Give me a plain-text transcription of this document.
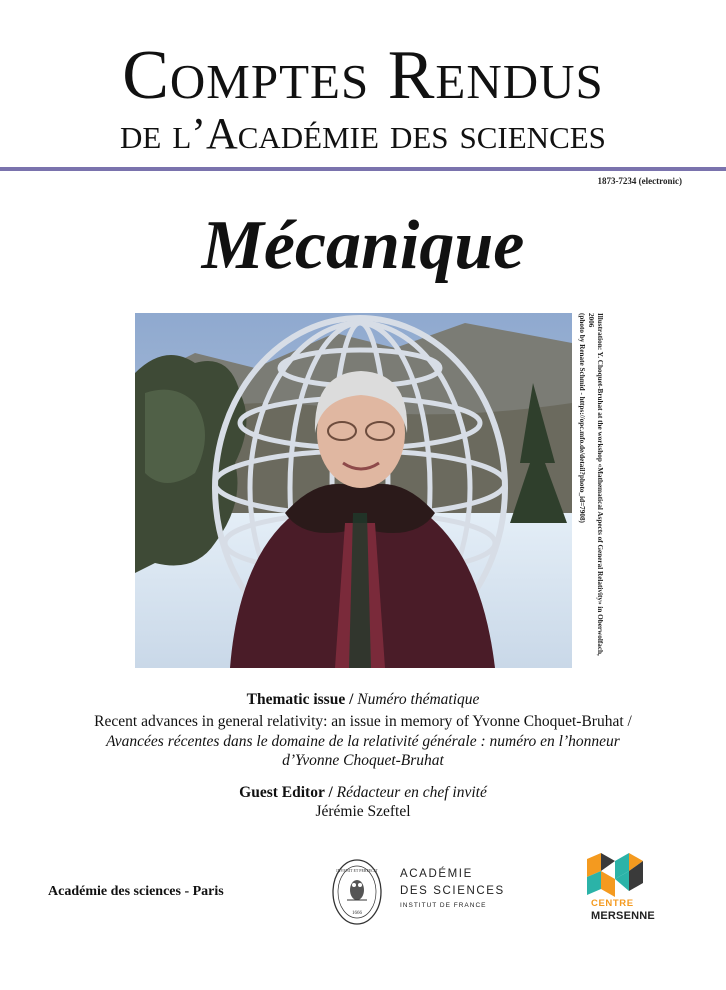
Comptes Rendus
de l’Académie des sciences
1873-7234 (electronic)
Mécanique
Illustration: Y. Choquet-Bruhat at the workshop «Mathematical Aspects of General Relativity» in Oberwolfach, 2006
(photo by Renate Schmid - https://opc.mfo.de/detail?photo_id=7908)
Thematic issue / Numéro thématique
Recent advances in general relativity: an issue in memory of Yvonne Choquet-Bruhat / Avancées récentes dans le domaine de la relativité générale : numéro en l’honneur d’Yvonne Choquet-Bruhat
Guest Editor / Rédacteur en chef invité
Jérémie Szeftel
Académie des sciences - Paris
INVENIT ET PERFECIT
1666
ACADÉMIE
DES SCIENCES
INSTITUT DE FRANCE	CENTRE
MERSENNE
